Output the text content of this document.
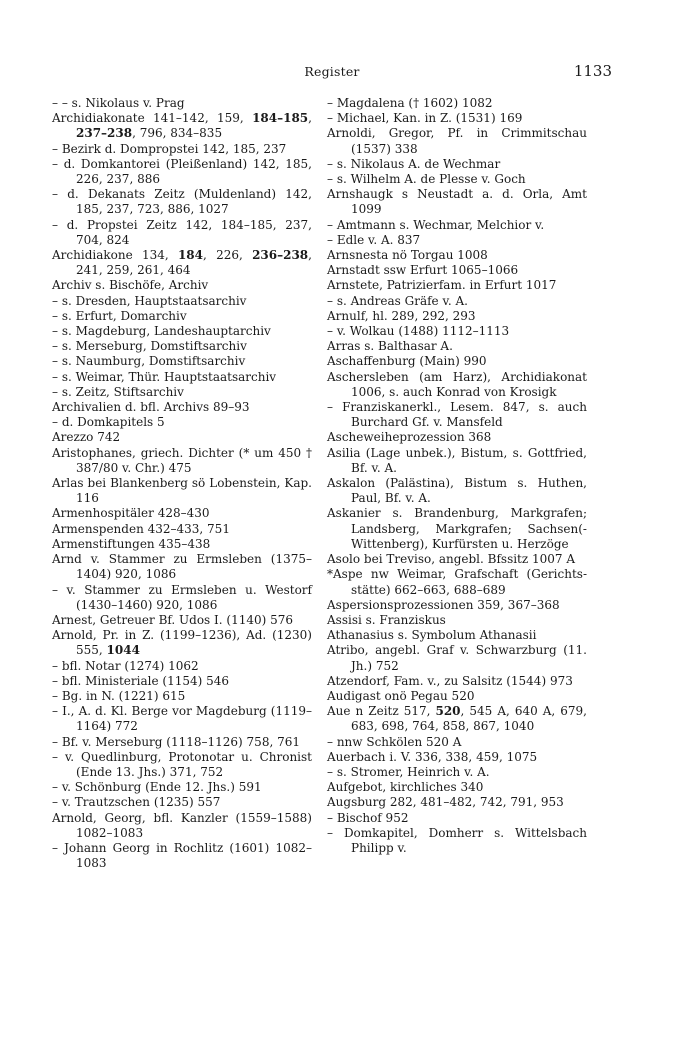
Register	1133

– – s. Nikolaus v. Prag

Archidiakonate 141–142, 159, 184–185, 237–238, 796, 834–835

– Bezirk d. Dompropstei 142, 185, 237

– d. Domkantorei (Pleißenland) 142, 185, 226, 237, 886

– d. Dekanats Zeitz (Muldenland) 142, 185, 237, 723, 886, 1027

– d. Propstei Zeitz 142, 184–185, 237, 704, 824

Archidiakone 134, 184, 226, 236–238, 241, 259, 261, 464

Archiv s. Bischöfe, Archiv

– s. Dresden, Hauptstaatsarchiv

– s. Erfurt, Domarchiv

– s. Magdeburg, Landeshauptarchiv

– s. Merseburg, Domstiftsarchiv

– s. Naumburg, Domstiftsarchiv

– s. Weimar, Thür. Hauptstaatsarchiv

– s. Zeitz, Stiftsarchiv

Archivalien d. bfl. Archivs 89–93

– d. Domkapitels 5

Arezzo 742

Aristophanes, griech. Dichter (* um 450 † 387/80 v. Chr.) 475

Arlas bei Blankenberg sö Lobenstein, Kap. 116

Armenhospitäler 428–430

Armenspenden 432–433, 751

Armenstiftungen 435–438

Arnd v. Stammer zu Ermsleben (1375–1404) 920, 1086

– v. Stammer zu Ermsleben u. Westorf (1430–1460) 920, 1086

Arnest, Getreuer Bf. Udos I. (1140) 576

Arnold, Pr. in Z. (1199–1236), Ad. (1230) 555, 1044

– bfl. Notar (1274) 1062

– bfl. Ministeriale (1154) 546

– Bg. in N. (1221) 615

– I., A. d. Kl. Berge vor Magdeburg (1119–1164) 772

– Bf. v. Merseburg (1118–1126) 758, 761

– v. Quedlinburg, Protonotar u. Chronist (Ende 13. Jhs.) 371, 752

– v. Schönburg (Ende 12. Jhs.) 591

– v. Trautzschen (1235) 557

Arnold, Georg, bfl. Kanzler (1559–1588) 1082–1083

– Johann Georg in Rochlitz (1601) 1082–1083

– Magdalena († 1602) 1082

– Michael, Kan. in Z. (1531) 169

Arnoldi, Gregor, Pf. in Crimmitschau (1537) 338

– s. Nikolaus A. de Wechmar

– s. Wilhelm A. de Plesse v. Goch

Arnshaugk s Neustadt a. d. Orla, Amt 1099

– Amtmann s. Wechmar, Melchior v.

– Edle v. A. 837

Arnsnesta nö Torgau 1008

Arnstadt ssw Erfurt 1065–1066

Arnstete, Patrizierfam. in Erfurt 1017

– s. Andreas Gräfe v. A.

Arnulf, hl. 289, 292, 293

– v. Wolkau (1488) 1112–1113

Arras s. Balthasar A.

Aschaffenburg (Main) 990

Aschersleben (am Harz), Archidiakonat 1006, s. auch Konrad von Krosigk

– Franziskanerkl., Lesem. 847, s. auch Burchard Gf. v. Mansfeld

Ascheweiheprozession 368

Asilia (Lage unbek.), Bistum, s. Gottfried, Bf. v. A.

Askalon (Palästina), Bistum s. Huthen, Paul, Bf. v. A.

Askanier s. Brandenburg, Markgrafen; Landsberg, Markgrafen; Sachsen(-Wittenberg), Kurfürsten u. Herzöge

Asolo bei Treviso, angebl. Bfssitz 1007 A

*Aspe nw Weimar, Grafschaft (Gerichtsstätte) 662–663, 688–689

Aspersionsprozessionen 359, 367–368

Assisi s. Franziskus

Athanasius s. Symbolum Athanasii

Atribo, angebl. Graf v. Schwarzburg (11. Jh.) 752

Atzendorf, Fam. v., zu Salsitz (1544) 973

Audigast onö Pegau 520

Aue n Zeitz 517, 520, 545 A, 640 A, 679, 683, 698, 764, 858, 867, 1040

– nnw Schkölen 520 A

Auerbach i. V. 336, 338, 459, 1075

– s. Stromer, Heinrich v. A.

Aufgebot, kirchliches 340

Augsburg 282, 481–482, 742, 791, 953

– Bischof 952

– Domkapitel, Domherr s. Wittelsbach Philipp v.
